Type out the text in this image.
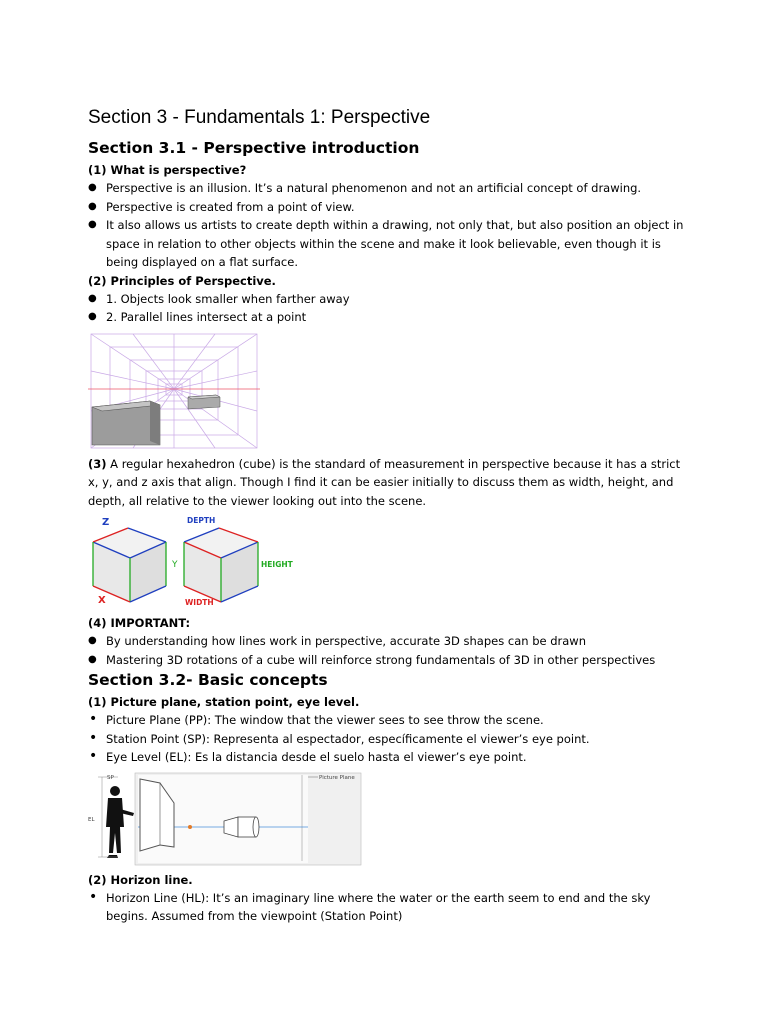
Section 3 - Fundamentals 1: Perspective
Section 3.1 - Perspective introduction

(1) What is perspective?

● Perspective is an illusion. It’s a natural phenomenon and not an artificial concept of drawing.
● Perspective is created from a point of view.
● It also allows us artists to create depth within a drawing, not only that, but also position an object in space in relation to other objects within the scene and make it look believable, even though it is being displayed on a flat surface.

(2) Principles of Perspective.

● 1. Objects look smaller when farther away
● 2. Parallel lines intersect at a point

(3) A regular hexahedron (cube) is the standard of measurement in perspective because it has a strict x, y, and z axis that align. Though I find it can be easier initially to discuss them as width, height, and depth, all relative to the viewer looking out into the scene.

Z
Y
X
DEPTH
HEIGHT
WIDTH

(4) IMPORTANT:

● By understanding how lines work in perspective, accurate 3D shapes can be drawn
● Mastering 3D rotations of a cube will reinforce strong fundamentals of 3D in other perspectives
Section 3.2- Basic concepts

(1) Picture plane, station point, eye level.

• Picture Plane (PP): The window that the viewer sees to see throw the scene.
• Station Point (SP): Representa al espectador, específicamente el viewer’s eye point.
• Eye Level (EL): Es la distancia desde el suelo hasta el viewer’s eye point.
SP
EL
Picture Plane

(2) Horizon line.

• Horizon Line (HL): It’s an imaginary line where the water or the earth seem to end and the sky begins. Assumed from the viewpoint (Station Point)
